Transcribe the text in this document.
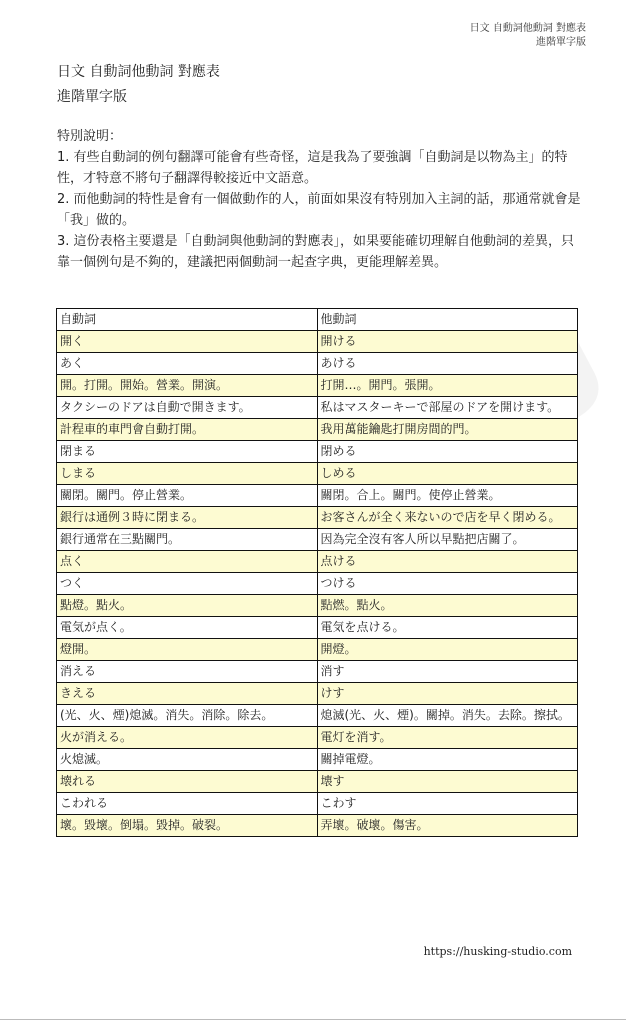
日文 自動詞他動詞 對應表
進階單字版
日文 自動詞他動詞 對應表
進階單字版

特別說明：

1. 有些自動詞的例句翻譯可能會有些奇怪，這是我為了要強調「自動詞是以物為主」的特性，才特意不將句子翻譯得較接近中文語意。

2. 而他動詞的特性是會有一個做動作的人，前面如果沒有特別加入主詞的話，那通常就會是「我」做的。

3. 這份表格主要還是「自動詞與他動詞的對應表」，如果要能確切理解自他動詞的差異，只靠一個例句是不夠的，建議把兩個動詞一起查字典，更能理解差異。

自動詞	他動詞
開く	開ける
あく	あける
開。打開。開始。營業。開演。	打開…。開門。張開。
タクシーのドアは自動で開きます。	私はマスターキーで部屋のドアを開けます。
計程車的車門會自動打開。	我用萬能鑰匙打開房間的門。
閉まる	閉める
しまる	しめる
關閉。關門。停止營業。	關閉。合上。關門。使停止營業。
銀行は通例３時に閉まる。	お客さんが全く来ないので店を早く閉める。
銀行通常在三點關門。	因為完全沒有客人所以早點把店關了。
点く	点ける
つく	つける
點燈。點火。	點燃。點火。
電気が点く。	電気を点ける。
燈開。	開燈。
消える	消す
きえる	けす
(光、火、煙)熄滅。消失。消除。除去。	熄滅(光、火、煙)。關掉。消失。去除。擦拭。
火が消える。	電灯を消す。
火熄滅。	關掉電燈。
壊れる	壊す
こわれる	こわす
壞。毀壞。倒塌。毀掉。破裂。	弄壞。破壞。傷害。
https://husking-studio.com
